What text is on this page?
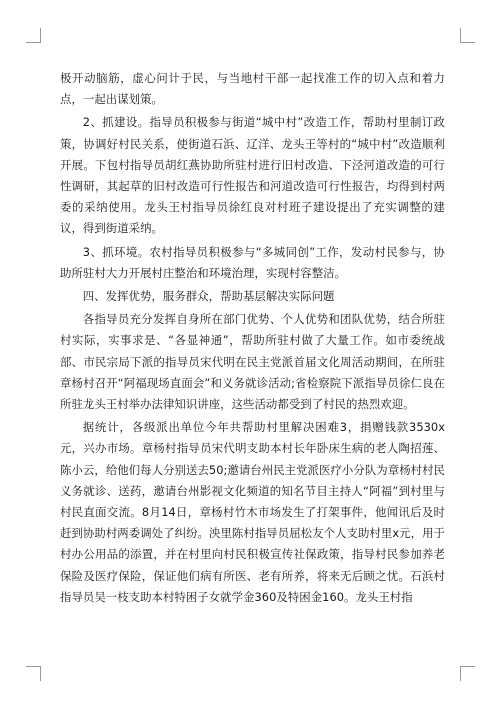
极开动脑筋，虚心问计于民，与当地村干部一起找准工作的切入点和着力点，一起出谋划策。

2、抓建设。指导员积极参与街道“城中村”改造工作，帮助村里制订政策，协调好村民关系，使街道石浜、辽洋、龙头王等村的“城中村”改造顺利开展。下包村指导员胡红燕协助所驻村进行旧村改造、下泾河道改造的可行性调研，其起草的旧村改造可行性报告和河道改造可行性报告，均得到村两委的采纳使用。龙头王村指导员徐红良对村班子建设提出了充实调整的建议，得到街道采纳。

3、抓环境。农村指导员积极参与“多城同创”工作，发动村民参与，协助所驻村大力开展村庄整治和环境治理，实现村容整洁。

四、发挥优势，服务群众，帮助基层解决实际问题

各指导员充分发挥自身所在部门优势、个人优势和团队优势，结合所驻村实际，实事求是、“各显神通”，帮助所驻村做了大量工作。如市委统战部、市民宗局下派的指导员宋代明在民主党派首届文化周活动期间，在所驻章杨村召开“阿福现场直面会”和义务就诊活动;省检察院下派指导员徐仁良在所驻龙头王村举办法律知识讲座，这些活动都受到了村民的热烈欢迎。

据统计，各级派出单位今年共帮助村里解决困难3，捐赠钱款3530x元，兴办市场。章杨村指导员宋代明支助本村长年卧床生病的老人陶招莲、陈小云，给他们每人分别送去50;邀请台州民主党派医疗小分队为章杨村村民义务就诊、送药，邀请台州影视文化频道的知名节目主持人“阿福”到村里与村民直面交流。8月14日，章杨村竹木市场发生了打架事件，他闻讯后及时赶到协助村两委调处了纠纷。泱里陈村指导员屈松友个人支助村里x元，用于村办公用品的添置，并在村里向村民积极宣传社保政策，指导村民参加养老保险及医疗保险，保证他们病有所医、老有所养，将来无后顾之忧。石浜村指导员吴一枝支助本村特困子女就学金360及特困金160。龙头王村指
